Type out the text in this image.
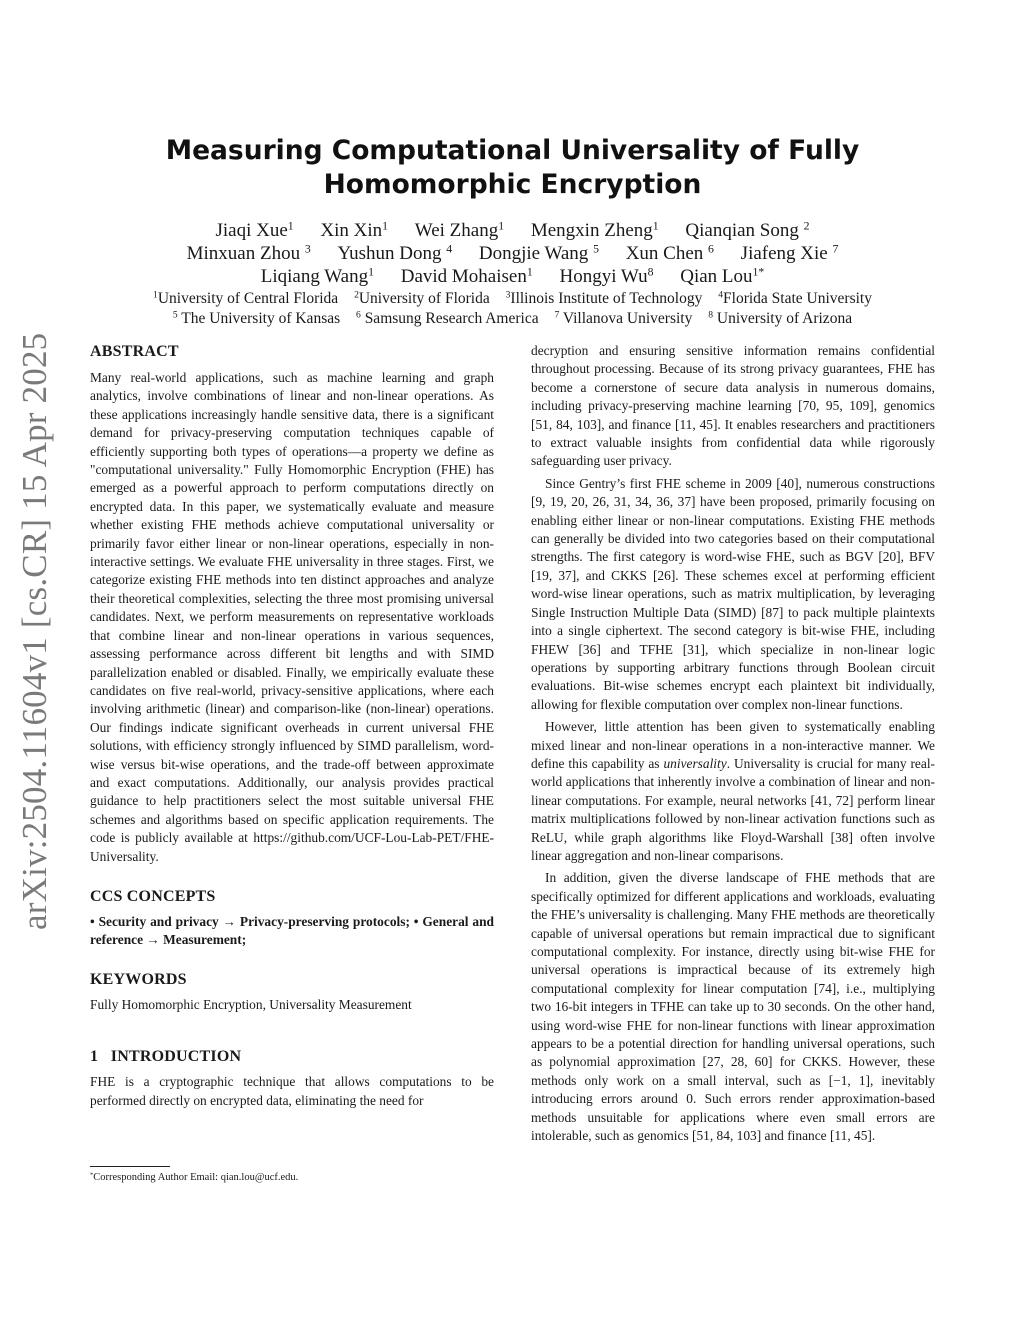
arXiv:2504.11604v1 [cs.CR] 15 Apr 2025
Measuring Computational Universality of Fully Homomorphic Encryption
Jiaqi Xue$^1$ Xin Xin$^1$ Wei Zhang$^1$ Mengxin Zheng$^1$ Qianqian Song $^2$
Minxuan Zhou $^3$ Yushun Dong $^4$ Dongjie Wang $^5$ Xun Chen $^6$ Jiafeng Xie $^7$
Liqiang Wang$^1$ David Mohaisen$^1$ Hongyi Wu$^8$ Qian Lou$^{1*}$
$^1$University of Central Florida $^2$University of Florida $^3$Illinois Institute of Technology $^4$Florida State University
$^5$ The University of Kansas $^6$ Samsung Research America $^7$ Villanova University $^8$ University of Arizona
ABSTRACT

Many real-world applications, such as machine learning and graph analytics, involve combinations of linear and non-linear operations. As these applications increasingly handle sensitive data, there is a significant demand for privacy-preserving computation techniques capable of efficiently supporting both types of operations—a property we define as "computational universality." Fully Homomorphic Encryption (FHE) has emerged as a powerful approach to perform computations directly on encrypted data. In this paper, we systematically evaluate and measure whether existing FHE methods achieve computational universality or primarily favor either linear or non-linear operations, especially in non-interactive settings. We evaluate FHE universality in three stages. First, we categorize existing FHE methods into ten distinct approaches and analyze their theoretical complexities, selecting the three most promising universal candidates. Next, we perform measurements on representative workloads that combine linear and non-linear operations in various sequences, assessing performance across different bit lengths and with SIMD parallelization enabled or disabled. Finally, we empirically evaluate these candidates on five real-world, privacy-sensitive applications, where each involving arithmetic (linear) and comparison-like (non-linear) operations. Our findings indicate significant overheads in current universal FHE solutions, with efficiency strongly influenced by SIMD parallelism, word-wise versus bit-wise operations, and the trade-off between approximate and exact computations. Additionally, our analysis provides practical guidance to help practitioners select the most suitable universal FHE schemes and algorithms based on specific application requirements. The code is publicly available at https://github.com/UCF-Lou-Lab-PET/FHE-Universality.

CCS CONCEPTS

• Security and privacy → Privacy-preserving protocols; • General and reference → Measurement;

KEYWORDS

Fully Homomorphic Encryption, Universality Measurement

1   INTRODUCTION

FHE is a cryptographic technique that allows computations to be performed directly on encrypted data, eliminating the need for

*Corresponding Author Email: qian.lou@ucf.edu.

decryption and ensuring sensitive information remains confidential throughout processing. Because of its strong privacy guarantees, FHE has become a cornerstone of secure data analysis in numerous domains, including privacy-preserving machine learning [70, 95, 109], genomics [51, 84, 103], and finance [11, 45]. It enables researchers and practitioners to extract valuable insights from confidential data while rigorously safeguarding user privacy.

Since Gentry’s first FHE scheme in 2009 [40], numerous constructions [9, 19, 20, 26, 31, 34, 36, 37] have been proposed, primarily focusing on enabling either linear or non-linear computations. Existing FHE methods can generally be divided into two categories based on their computational strengths. The first category is word-wise FHE, such as BGV [20], BFV [19, 37], and CKKS [26]. These schemes excel at performing efficient word-wise linear operations, such as matrix multiplication, by leveraging Single Instruction Multiple Data (SIMD) [87] to pack multiple plaintexts into a single ciphertext. The second category is bit-wise FHE, including FHEW [36] and TFHE [31], which specialize in non-linear logic operations by supporting arbitrary functions through Boolean circuit evaluations. Bit-wise schemes encrypt each plaintext bit individually, allowing for flexible computation over complex non-linear functions.

However, little attention has been given to systematically enabling mixed linear and non-linear operations in a non-interactive manner. We define this capability as universality. Universality is crucial for many real-world applications that inherently involve a combination of linear and non-linear computations. For example, neural networks [41, 72] perform linear matrix multiplications followed by non-linear activation functions such as ReLU, while graph algorithms like Floyd-Warshall [38] often involve linear aggregation and non-linear comparisons.

In addition, given the diverse landscape of FHE methods that are specifically optimized for different applications and workloads, evaluating the FHE’s universality is challenging. Many FHE methods are theoretically capable of universal operations but remain impractical due to significant computational complexity. For instance, directly using bit-wise FHE for universal operations is impractical because of its extremely high computational complexity for linear computation [74], i.e., multiplying two 16-bit integers in TFHE can take up to 30 seconds. On the other hand, using word-wise FHE for non-linear functions with linear approximation appears to be a potential direction for handling universal operations, such as polynomial approximation [27, 28, 60] for CKKS. However, these methods only work on a small interval, such as [−1, 1], inevitably introducing errors around 0. Such errors render approximation-based methods unsuitable for applications where even small errors are intolerable, such as genomics [51, 84, 103] and finance [11, 45].
